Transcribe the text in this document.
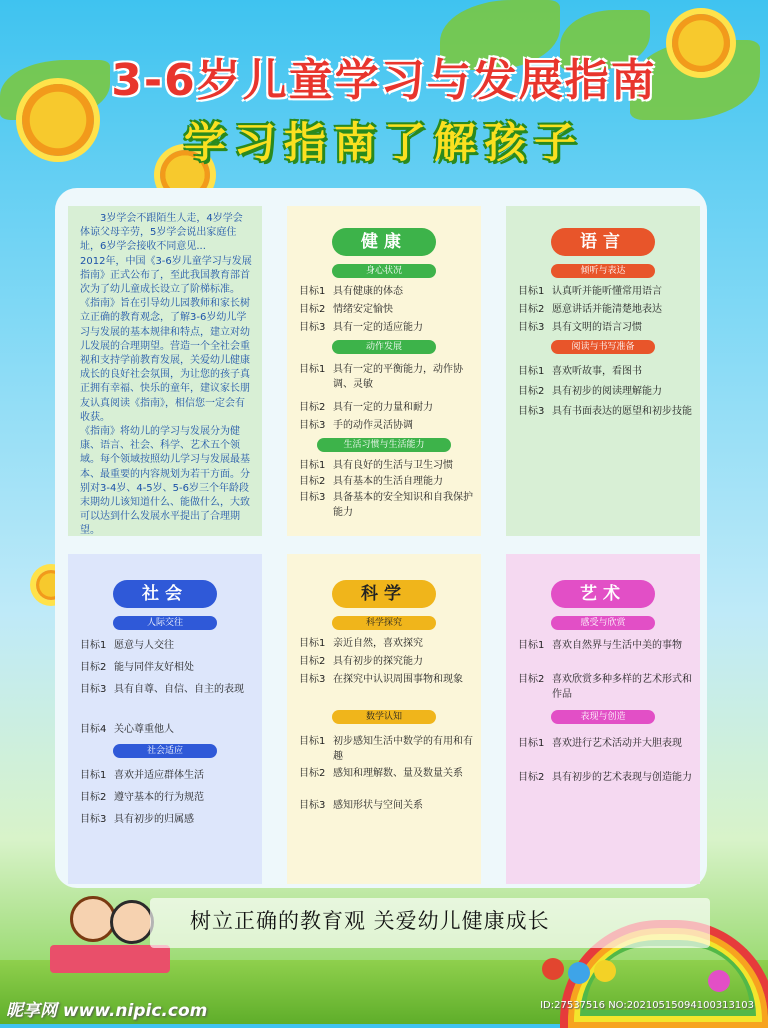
3-6岁儿童学习与发展指南
学习指南了解孩子
3岁学会不跟陌生人走，4岁学会体谅父母辛劳，5岁学会说出家庭住址，6岁学会接收不同意见...
2012年，中国《3-6岁儿童学习与发展指南》正式公布了，至此我国教育部首次为了幼儿童成长设立了阶梯标准。《指南》旨在引导幼儿园教师和家长树立正确的教育观念，了解3-6岁幼儿学习与发展的基本规律和特点，建立对幼儿发展的合理期望。营造一个全社会重视和支持学前教育发展，关爱幼儿健康成长的良好社会氛围，为让您的孩子真正拥有幸福、快乐的童年，建议家长朋友认真阅读《指南》，相信您一定会有收获。
《指南》将幼儿的学习与发展分为健康、语言、社会、科学、艺术五个领域。每个领域按照幼儿学习与发展最基本、最重要的内容规划为若干方面。分别对3-4岁、4-5岁、5-6岁三个年龄段末期幼儿该知道什么、能做什么，大致可以达到什么发展水平提出了合理期望。
健康
身心状况
目标1 具有健康的体态
目标2 情绪安定愉快
目标3 具有一定的适应能力
动作发展
目标1 具有一定的平衡能力，动作协调、灵敏
目标2 具有一定的力量和耐力
目标3 手的动作灵活协调
生活习惯与生活能力
目标1 具有良好的生活与卫生习惯
目标2 具有基本的生活自理能力
目标3 具备基本的安全知识和自我保护能力
语言
倾听与表达
目标1 认真听并能听懂常用语言
目标2 愿意讲话并能清楚地表达
目标3 具有文明的语言习惯
阅读与书写准备
目标1 喜欢听故事，看图书
目标2 具有初步的阅读理解能力
目标3 具有书面表达的愿望和初步技能
社会
人际交往
目标1 愿意与人交往
目标2 能与同伴友好相处
目标3 具有自尊、自信、自主的表现
目标4 关心尊重他人
社会适应
目标1 喜欢并适应群体生活
目标2 遵守基本的行为规范
目标3 具有初步的归属感
科学
科学探究
目标1 亲近自然，喜欢探究
目标2 具有初步的探究能力
目标3 在探究中认识周围事物和现象
数学认知
目标1 初步感知生活中数学的有用和有趣
目标2 感知和理解数、量及数量关系
目标3 感知形状与空间关系
艺术
感受与欣赏
目标1 喜欢自然界与生活中美的事物
目标2 喜欢欣赏多种多样的艺术形式和作品
表现与创造
目标1 喜欢进行艺术活动并大胆表现
目标2 具有初步的艺术表现与创造能力
树立正确的教育观 关爱幼儿健康成长
昵享网 www.nipic.com	ID:27537516 NO:20210515094100313103
